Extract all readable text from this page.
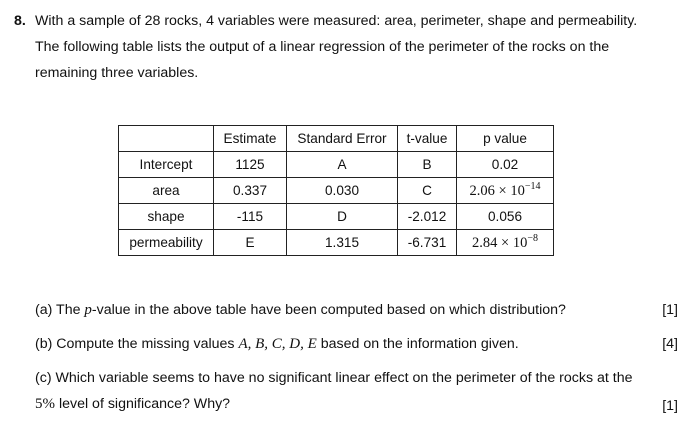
8. With a sample of 28 rocks, 4 variables were measured: area, perimeter, shape and permeability.
The following table lists the output of a linear regression of the perimeter of the rocks on the
remaining three variables.
	Estimate	Standard Error	t-value	p value
Intercept	1125	A	B	0.02
area	0.337	0.030	C	$2.06 \times 10^{-14}$
shape	-115	D	-2.012	0.056
permeability	E	1.315	-6.731	$2.84 \times 10^{-8}$
(a) The p-value in the above table have been computed based on which distribution?	[1]
(b) Compute the missing values A, B, C, D, E based on the information given.	[4]
(c) Which variable seems to have no significant linear effect on the perimeter of the rocks at the
5% level of significance? Why?	[1]
